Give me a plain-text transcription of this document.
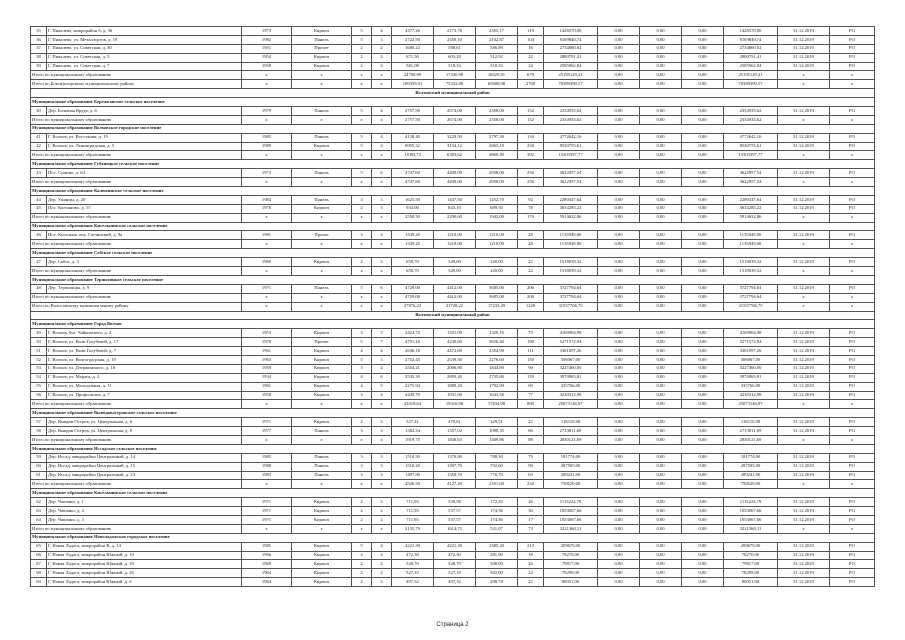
35	Г. Пикалево, микрорайон 6, д. 36	1973	Кирпич	5	4	4377,26	2173,76	2355,17	119	1426570,00	0,00	0,00	0,00	1426570,00	31.12.2019	РО
36	Г. Пикалево, ул. Металлургов, д. 19	1982	Панель	5	3	2722,50	2350,10	2102,87	104	8169840,74	0,00	0,00	0,00	8169840,74	31.12.2019	РО
37	Г. Пикалево, ул. Советская, д. 30	1951	Прочее	2	2	1680,22	588,61	586,89	16	2734860,02	0,00	0,00	0,00	2734860,02	31.12.2019	РО
38	Г. Пикалево, ул. Советская, д. 5	1954	Кирпич	2	2	671,50	603,28	512,92	22	2800791,41	0,00	0,00	0,00	2800791,41	31.12.2019	РО
39	Г. Пикалево, ул. Советская, д. 7	1958	Кирпич	2	2	581,08	518,33	518,33	24	2585962,84	0,00	0,00	0,00	2585962,84	31.12.2019	РО
Итого по муниципальному образованию		x	x	x	x	24790,89	17430,98	16029,81	678	25195129,21	0,00	0,00	0,00	25195129,21	x	x
Итого по Бокситогорскому муниципальному району		x	x	x	x	106359,91	75332,89	65608,98	2700	70389390,57	0,00	0,00	0,00	70389390,57	x	x
Волховский муниципальный район																
Муниципальное образование Бережковское сельское поселение																
40	Дер. Большая Вруда, д. 6	1979	Панель	5	4	2757,50	2674,00	2358,00	152	2334935,62	0,00	0,00	0,00	2334935,62	31.12.2019	РО
Итого по муниципальному образованию		x	x	x	x	2757,50	2674,00	2358,00	152	2334935,62	0,00	0,00	0,00	2334935,62	x	x
Муниципальное образование Волховское городское поселение																
41	Г. Волхов, ул. Восстания, д. 19	1985	Панель	5	4	4138,40	3229,50	2797,30	134	4772642,16	0,00	0,00	0,00	4772642,16	31.12.2019	РО
42	Г. Волхов, ул. Ленинградская, д. 5	1989	Кирпич	5	4	6955,32	3154,12	2063,19	258	8530755,61	0,00	0,00	0,00	8530755,61	31.12.2019	РО
Итого по муниципальному образованию		x	x	x	x	11093,72	6383,62	4860,49	392	13303397,77	0,00	0,00	0,00	13303397,77	x	x
Муниципальное образование Губанецкое сельское поселение																
43	Пос. Сумино, д. 64	1973	Панель	5	6	4747,60	4409,00	2958,00	256	3622957,54	0,00	0,00	0,00	3622957,54	31.12.2019	РО
Итого по муниципальному образованию		x	x	x	x	4747,60	4409,00	2958,00	256	3622957,54	0,00	0,00	0,00	3622957,54	x	x
Муниципальное образование Калюхинское сельское поселение																
44	Дер. Ужанцы, д. 20	1984	Панель	3	3	1625,50	1447,50	1252,70	92	2280347,64	0,00	0,00	0,00	2280347,64	31.12.2019	РО
45	Пос. Колчаново, д. 15	1976	Кирпич	2	3	933,00	843,10	689,30	78	3634285,22	0,00	0,00	0,00	3634285,22	31.12.2019	РО
Итого по муниципальному образованию		x	x	x	x	2558,50	2290,60	1942,00	170	5914632,86	0,00	0,00	0,00	5914632,86	x	x
Муниципальное образование Кисельнинское сельское поселение																
46	Пос. Кисельня, пер. Гатчинский, д. 9а	1981	Прочее	3	2	1339,20	1210,00	1210,00	28	1135949,00	0,00	0,00	0,00	1135949,00	31.12.2019	РО
Итого по муниципальному образованию		x	x	x	x	1339,20	1210,00	1210,00	28	1135949,00	0,00	0,00	0,00	1135949,00	x	x
Муниципальное образование Сабское сельское поселение																
47	Дер. Сабск, д. 3	1960	Кирпич	2	2	650,70	349,00	220,00	22	1518039,32	0,00	0,00	0,00	1518039,32	31.12.2019	РО
Итого по муниципальному образованию		x	x	x	x	650,70	349,00	220,00	22	1518039,32	0,00	0,00	0,00	1518039,32	x	x
Муниципальное образование Терпилицкое сельское поселение																
48	Дер. Терпилицы, д. 9	1971	Панель	5	6	4729,00	4412,00	3685,00	206	3727794,64	0,00	0,00	0,00	3727794,64	31.12.2019	РО
Итого по муниципальному образованию		x	x	x	x	4729,00	4412,00	3685,00	206	3727794,64	0,00	0,00	0,00	3727794,64	x	x
Итого по Волосовскому муниципальному району		x	x	x	x	27876,22	21728,22	17233,49	1226	31557706,75	0,00	0,00	0,00	31557706,75	x	x
Волховский муниципальный район																
Муниципальное образование Город Волхов																
49	Г. Волхов, бул. Чайковского, д. 4	1953	Кирпич	3	5	2423,70	1351,00	1329,10	73	4169904,98	0,00	0,00	0,00	4169904,98	31.12.2019	РО
50	Г. Волхов, ул. Вали Голубевой, д. 17	1978	Прочее	5	7	4791,16	4230,60	3656,40	190	5271572,94	0,00	0,00	0,00	5271572,94	31.12.2019	РО
51	Г. Волхов, ул. Вали Голубевой, д. 7	1961	Кирпич	4	4	2636,18	2472,60	2354,90	111	3361097,26	0,00	0,00	0,00	3361097,26	31.12.2019	РО
52	Г. Волхов, ул. Волгоградская, д. 19	1963	Кирпич	5	3	2752,45	2539,50	2276,60	150	506067,00	0,00	0,00	0,00	506067,00	31.12.2019	РО
53	Г. Волхов, ул. Дзержинского, д. 18	1959	Кирпич	3	4	2554,21	2006,80	1844,80	90	3227460,00	0,00	0,00	0,00	3227460,00	31.12.2019	РО
54	Г. Волхов, ул. Марата, д. 2	1934	Кирпич	4	6	3535,30	2895,40	2735,80	139	3970965,81	0,00	0,00	0,00	3970965,81	31.12.2019	РО
55	Г. Волхов, ул. Молодежная, д. 11	1961	Кирпич	4	5	2275,94	1889,20	1792,90	69	335766,00	0,00	0,00	0,00	335766,00	31.12.2019	РО
56	Г. Волхов, ул. Профсоюзов, д. 7	1958	Кирпич	3	4	2449,70	1931,80	1643,58	77	4230312,98	0,00	0,00	0,00	4230312,98	31.12.2019	РО
Итого по муниципальному образованию		x	x	x	x	23418,64	19316,90	17634,08	899	25073146,97	0,00	0,00	0,00	25073146,97	x	x
Муниципальное образование Выввдовостровское сельское поселение																
57	Дер. Вывдин Остров, ул. Центральная, д. 6	1971	Кирпич	2	2	537,41	479,61	329,51	22	116310,00	0,00	0,00	0,00	116310,00	31.12.2019	РО
58	Дер. Вывдин Остров, ул. Центральная, д. 8	1977	Панель	3	3	1382,34	1357,02	1080,35	66	2713811,69	0,00	0,00	0,00	2713811,69	31.12.2019	РО
Итого по муниципальному образованию		x	x	x	x	1919,75	1836,63	1409,86	88	2830121,69	0,00	0,00	0,00	2830121,69	x	x
Муниципальное образование Иссадское сельское поселение																
59	Дер. Иссад, микрорайон Центральный, д. 14	1985	Панель	3	3	1510,50	1370,80	788,30	79	181774,00	0,00	0,00	0,00	181774,00	31.12.2019	РО
60	Дер. Иссад, микрорайон Центральный, д. 15	1988	Панель	3	3	1518,20	1397,70	792,60	90	287505,00	0,00	0,00	0,00	287505,00	31.12.2019	РО
61	Дер. Иссад, микрорайон Центральный, д. 23	1983	Панель	3	3	1497,80	1358,70	770,70	63	289241,00	0,00	0,00	0,00	289241,00	31.12.2019	РО
Итого по муниципальному образованию		x	x	x	x	4526,50	4127,20	2351,60	232	758520,00	0,00	0,00	0,00	758520,00	x	x
Муниципальное образование Кисельнинское сельское поселение																
62	Дер. Чаплино, д. 1	1971	Кирпич	2	2	711,93	539,58	172,35	26	1115224,79	0,00	0,00	0,00	1115224,79	31.12.2019	РО
63	Дер. Чаплино, д. 2	1971	Кирпич	2	2	711,93	537,57	174,36	30	1053067,66	0,00	0,00	0,00	1053067,66	31.12.2019	РО
64	Дер. Чаплино, д. 3	1971	Кирпич	2	2	711,93	537,57	174,36	17	1053067,66	0,00	0,00	0,00	1053067,66	31.12.2019	РО
Итого по муниципальному образованию		x	x	x	x	2135,79	1614,72	521,07	73	3221360,11	0,00	0,00	0,00	3221360,11	x	x
Муниципальное образование Новоладожское городское поселение																
65	Г. Новая Ладога, микрорайон В, д. 14	1985	Кирпич	5	4	4221,30	4221,30	2385,20	213	209679,00	0,00	0,00	0,00	209679,00	31.12.2019	РО
66	Г. Новая Ладога, микрорайон Южный, д. 10	1966	Кирпич	2	2	472,30	472,30	281,90	18	78270,00	0,00	0,00	0,00	78270,00	31.12.2019	РО
67	Г. Новая Ладога, микрорайон Южный, д. 19	1969	Кирпич	2	2	528,70	528,70	308,00	26	79817,00	0,00	0,00	0,00	79817,00	31.12.2019	РО
68	Г. Новая Ладога, микрорайон Южный, д. 26	1964	Кирпич	2	2	527,10	527,10	302,00	24	78299,00	0,00	0,00	0,00	78299,00	31.12.2019	РО
69	Г. Новая Ладога, микрорайон Южный, д. 6	1964	Кирпич	2	2	497,32	497,32	298,78	22	80051,00	0,00	0,00	0,00	80051,00	31.12.2019	РО
Страница 2
